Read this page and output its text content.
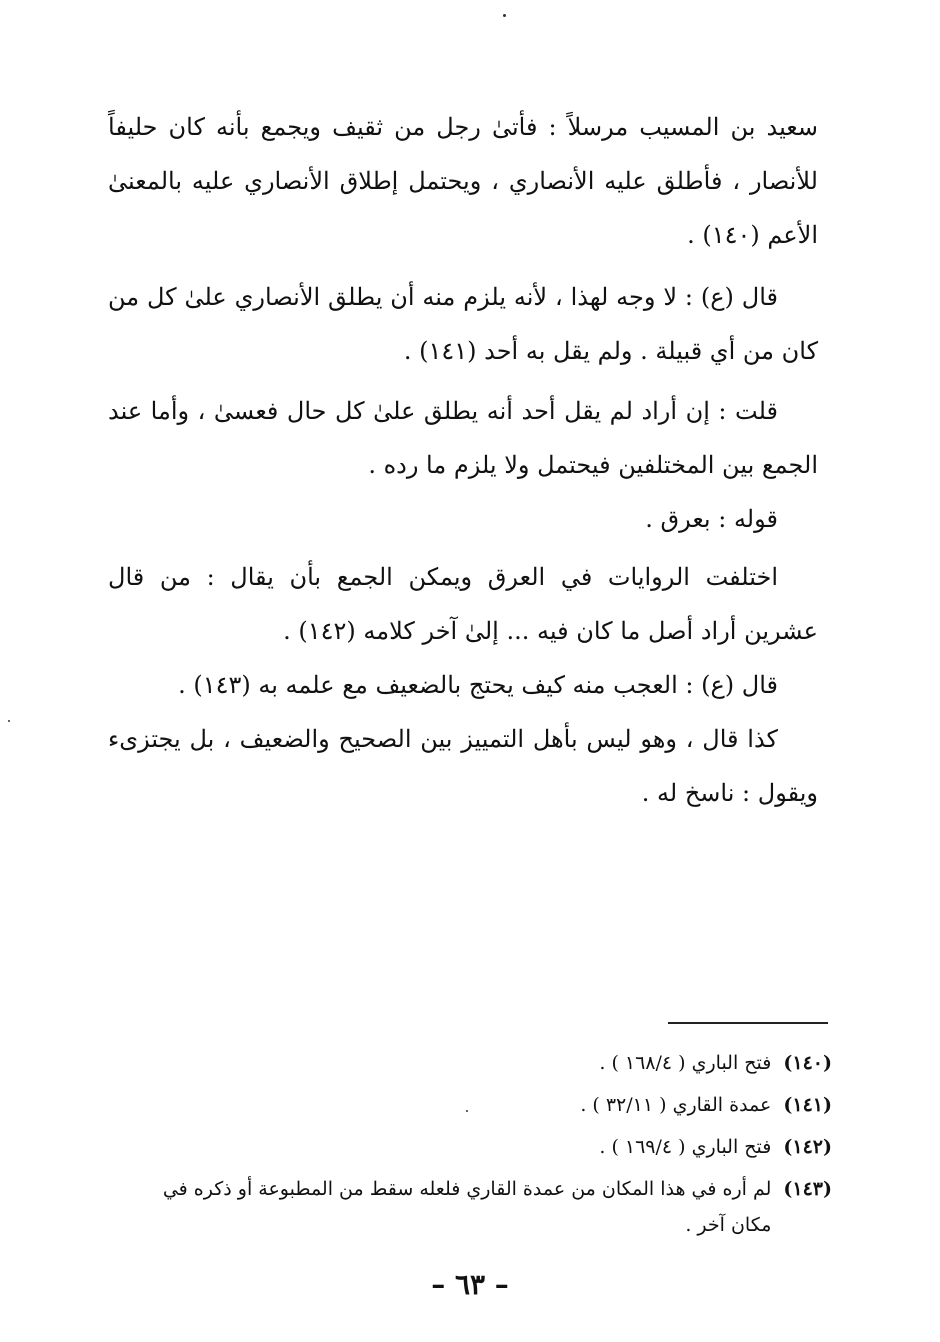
سعيد بن المسيب مرسلاً : فأتىٰ رجل من ثقيف ويجمع بأنه كان حليفاً للأنصار ، فأطلق عليه الأنصاري ، ويحتمل إطلاق الأنصاري عليه بالمعنىٰ الأعم (١٤٠) .

قال (ع) : لا وجه لهذا ، لأنه يلزم منه أن يطلق الأنصاري علىٰ كل من كان من أي قبيلة . ولم يقل به أحد (١٤١) .

قلت : إن أراد لم يقل أحد أنه يطلق علىٰ كل حال فعسىٰ ، وأما عند الجمع بين المختلفين فيحتمل ولا يلزم ما رده .

قوله : بعرق .

اختلفت الروايات في العرق ويمكن الجمع بأن يقال : من قال عشرين أراد أصل ما كان فيه ... إلىٰ آخر كلامه (١٤٢) .

قال (ع) : العجب منه كيف يحتج بالضعيف مع علمه به (١٤٣) .

كذا قال ، وهو ليس بأهل التمييز بين الصحيح والضعيف ، بل يجتزىء ويقول : ناسخ له .

(١٤٠)
فتح الباري ( ١٦٨/٤ ) .
(١٤١)
عمدة القاري ( ٣٢/١١ ) .
(١٤٢)
فتح الباري ( ١٦٩/٤ ) .
(١٤٣)
لم أره في هذا المكان من عمدة القاري فلعله سقط من المطبوعة أو ذكره في مكان آخر .
– ٦٣ –
